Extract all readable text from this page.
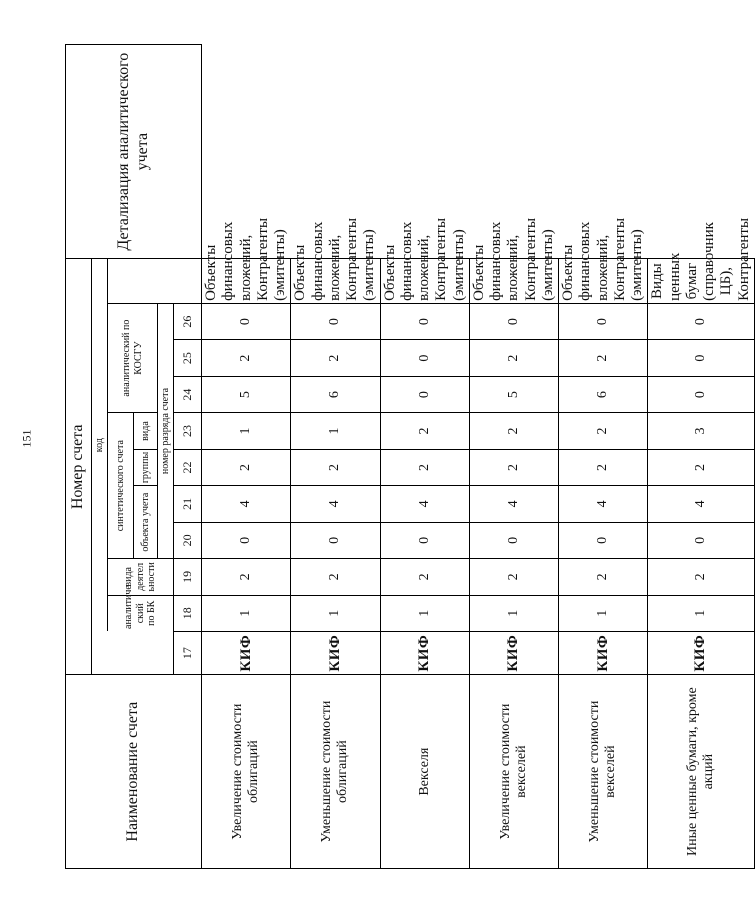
151
Наименование счета	Номер счета											Детализация аналитического учета
		код										
		аналитиче ский по БК	вида деятел ьности	синтетического счета				аналитический по КОСГУ				
				объекта учета		группы	вида					
				номер разряда счета								
	17	18	19	20	21	22	23	24	25	26		
Увеличение стоимости облигаций	КИФ	1	2	0	4	2	1	5	2	0	Объекты финансовых вложений, Контрагенты (эмитенты)	
Уменьшение стоимости облигаций	КИФ	1	2	0	4	2	1	6	2	0	Объекты финансовых вложений, Контрагенты (эмитенты)	
Векселя	КИФ	1	2	0	4	2	2	0	0	0	Объекты финансовых вложений, Контрагенты (эмитенты)	
Увеличение стоимости векселей	КИФ	1	2	0	4	2	2	5	2	0	Объекты финансовых вложений, Контрагенты (эмитенты)	
Уменьшение стоимости векселей	КИФ	1	2	0	4	2	2	6	2	0	Объекты финансовых вложений, Контрагенты (эмитенты)	
Иные ценные бумаги, кроме акций	КИФ	1	2	0	4	2	3	0	0	0	Виды ценных бумаг (справочник ЦБ), Контрагенты	
